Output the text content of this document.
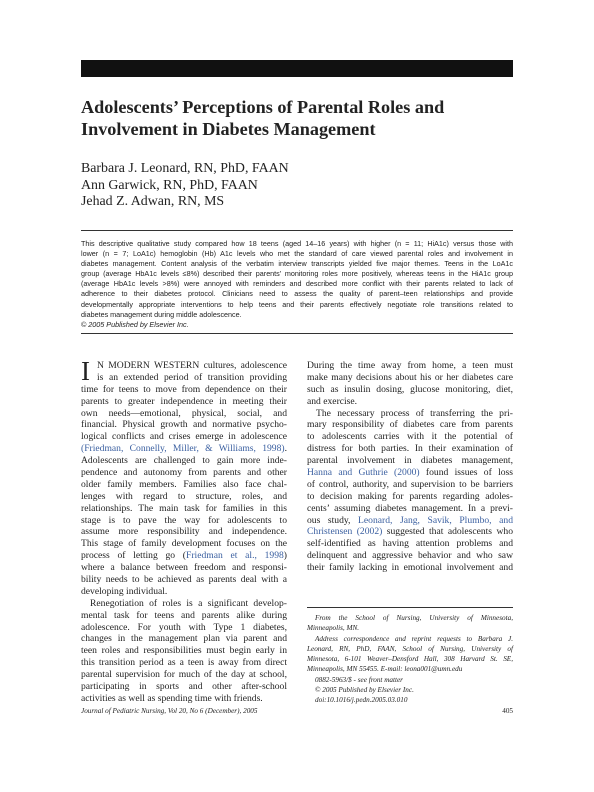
Adolescents’ Perceptions of Parental Roles and
Involvement in Diabetes Management
Barbara J. Leonard, RN, PhD, FAAN
Ann Garwick, RN, PhD, FAAN
Jehad Z. Adwan, RN, MS
This descriptive qualitative study compared how 18 teens (aged 14–16 years) with higher (n = 11; HiA1c) versus those with
lower (n = 7; LoA1c) hemoglobin (Hb) A1c levels who met the standard of care viewed parental roles and involvement in
diabetes management. Content analysis of the verbatim interview transcripts yielded five major themes. Teens in the LoA1c
group (average HbA1c levels ≤8%) described their parents’ monitoring roles more positively, whereas teens in the HiA1c group
(average HbA1c levels >8%) were annoyed with reminders and described more conflict with their parents related to lack of
adherence to their diabetes protocol. Clinicians need to assess the quality of parent–teen relationships and provide
developmentally appropriate interventions to help teens and their parents effectively negotiate role transitions related to
diabetes management during middle adolescence.
© 2005 Published by Elsevier Inc.
I N MODERN WESTERN cultures, adolescence
is an extended period of transition providing
time for teens to move from dependence on their
parents to greater independence in meeting their
own needs—emotional, physical, social, and
financial. Physical growth and normative psycho-
logical conflicts and crises emerge in adolescence
(Friedman, Connelly, Miller, & Williams, 1998).
Adolescents are challenged to gain more inde-
pendence and autonomy from parents and other
older family members. Families also face chal-
lenges with regard to structure, roles, and
relationships. The main task for families in this
stage is to pave the way for adolescents to
assume more responsibility and independence.
This stage of family development focuses on the
process of letting go (Friedman et al., 1998)
where a balance between freedom and responsi-
bility needs to be achieved as parents deal with a
developing individual.
Renegotiation of roles is a significant develop-
mental task for teens and parents alike during
adolescence. For youth with Type 1 diabetes,
changes in the management plan via parent and
teen roles and responsibilities must begin early in
this transition period as a teen is away from direct
parental supervision for much of the day at school,
participating in sports and other after-school
activities as well as spending time with friends.
During the time away from home, a teen must
make many decisions about his or her diabetes care
such as insulin dosing, glucose monitoring, diet,
and exercise.
The necessary process of transferring the pri-
mary responsibility of diabetes care from parents
to adolescents carries with it the potential of
distress for both parties. In their examination of
parental involvement in diabetes management,
Hanna and Guthrie (2000) found issues of loss
of control, authority, and supervision to be barriers
to decision making for parents regarding adoles-
cents’ assuming diabetes management. In a previ-
ous study, Leonard, Jang, Savik, Plumbo, and
Christensen (2002) suggested that adolescents who
self-identified as having attention problems and
delinquent and aggressive behavior and who saw
their family lacking in emotional involvement and
From the School of Nursing, University of Minnesota,
Minneapolis, MN.
Address correspondence and reprint requests to Barbara J.
Leonard, RN, PhD, FAAN, School of Nursing, University of
Minnesota, 6-101 Weaver–Densford Hall, 308 Harvard St. SE,
Minneapolis, MN 55455. E-mail: leona001@umn.edu
0882-5963/$ - see front matter
© 2005 Published by Elsevier Inc.
doi:10.1016/j.pedn.2005.03.010
Journal of Pediatric Nursing, Vol 20, No 6 (December), 2005	405
